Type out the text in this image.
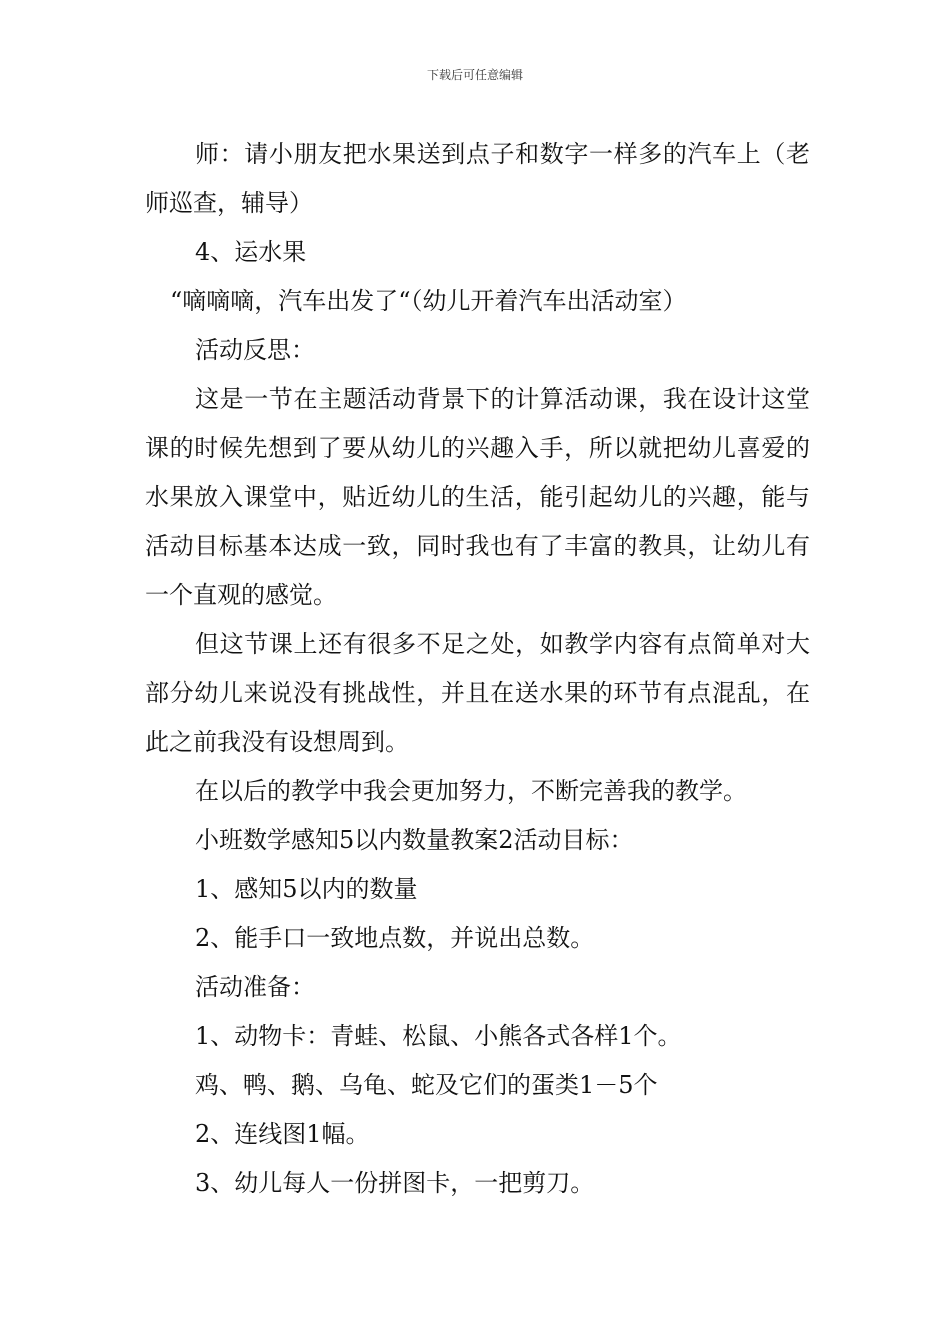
下载后可任意编辑

师：请小朋友把水果送到点子和数字一样多的汽车上（老师巡查，辅导）

4、运水果

“嘀嘀嘀，汽车出发了“（幼儿开着汽车出活动室）

活动反思：

这是一节在主题活动背景下的计算活动课，我在设计这堂课的时候先想到了要从幼儿的兴趣入手，所以就把幼儿喜爱的水果放入课堂中，贴近幼儿的生活，能引起幼儿的兴趣，能与活动目标基本达成一致，同时我也有了丰富的教具，让幼儿有一个直观的感觉。

但这节课上还有很多不足之处，如教学内容有点简单对大部分幼儿来说没有挑战性，并且在送水果的环节有点混乱，在此之前我没有设想周到。

在以后的教学中我会更加努力，不断完善我的教学。

小班数学感知5以内数量教案2活动目标：

1、感知5以内的数量

2、能手口一致地点数，并说出总数。

活动准备：

1、动物卡：青蛙、松鼠、小熊各式各样1个。

鸡、鸭、鹅、乌龟、蛇及它们的蛋类1－5个

2、连线图1幅。

3、幼儿每人一份拼图卡，一把剪刀。
